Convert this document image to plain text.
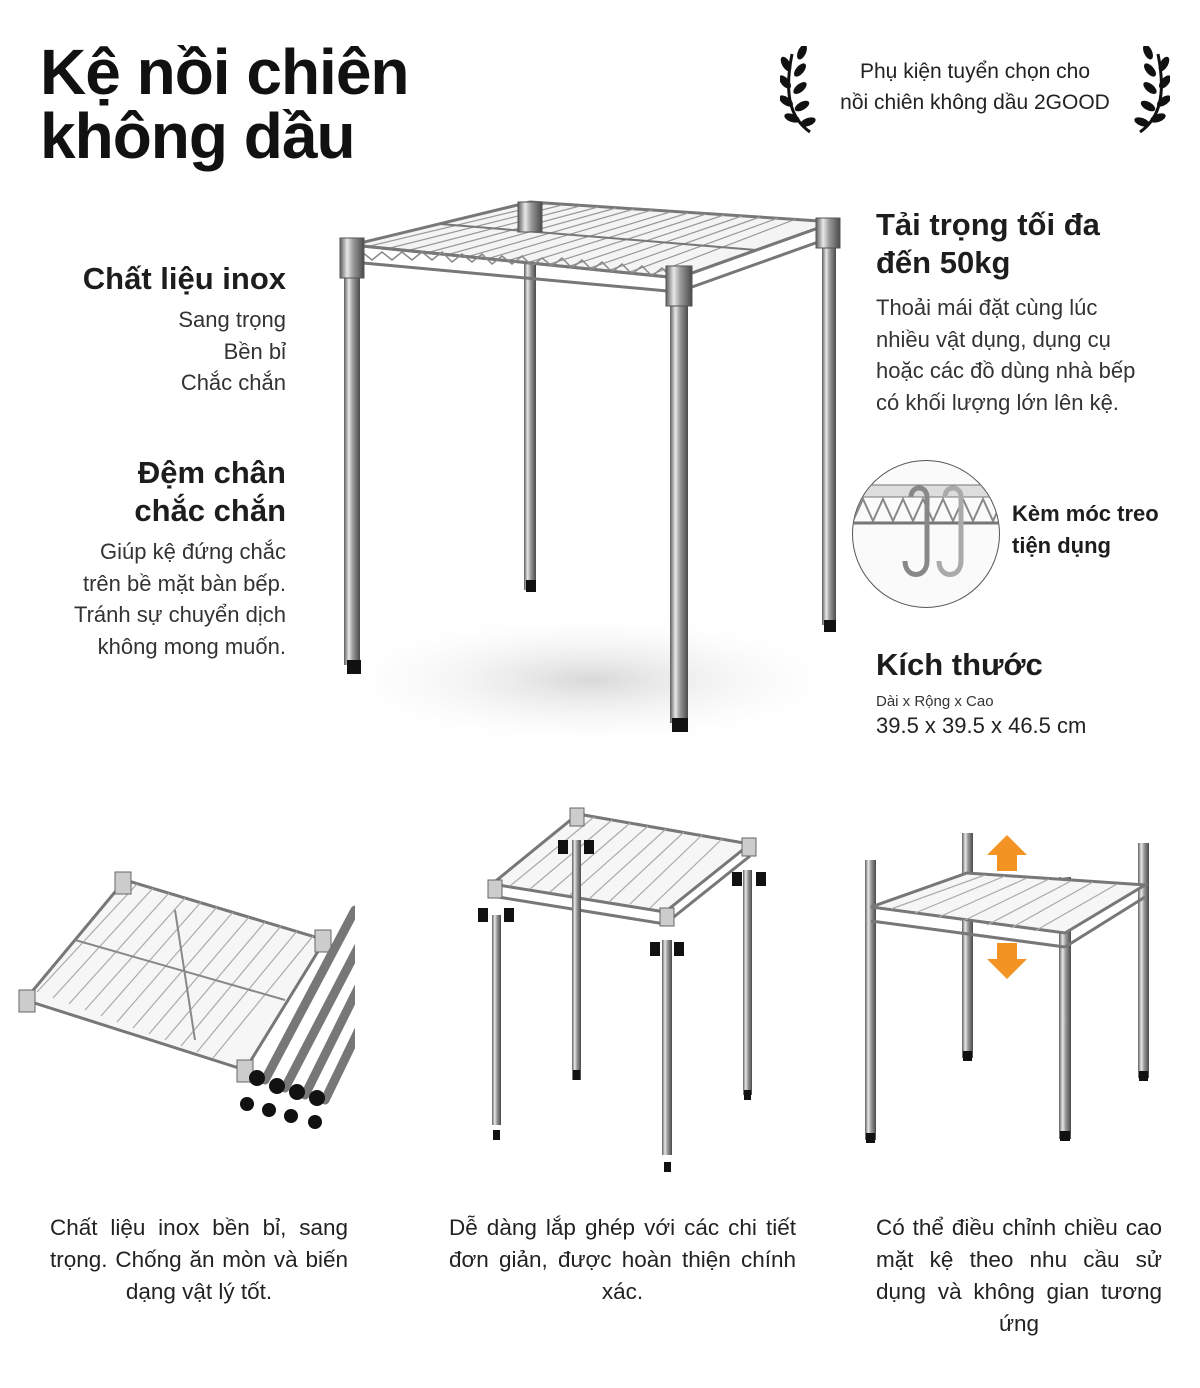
Kệ nồi chiên
không dầu
Phụ kiện tuyển chọn cho
nồi chiên không dầu 2GOOD
Chất liệu inox
Sang trọng
Bền bỉ
Chắc chắn
Đệm chân
chắc chắn
Giúp kệ đứng chắc
trên bề mặt bàn bếp.
Tránh sự chuyển dịch
không mong muốn.
Tải trọng tối đa
đến 50kg
Thoải mái đặt cùng lúc
nhiều vật dụng, dụng cụ
hoặc các đồ dùng nhà bếp
có khối lượng lớn lên kệ.
Kèm móc treo
tiện dụng
Kích thước
Dài x Rộng x Cao
39.5 x 39.5 x 46.5 cm

Chất liệu inox bền bỉ, sang trọng. Chống ăn mòn và biến dạng vật lý tốt.

Dễ dàng lắp ghép với các chi tiết đơn giản, được hoàn thiện chính xác.

Có thể điều chỉnh chiều cao mặt kệ theo nhu cầu sử dụng và không gian tương ứng
